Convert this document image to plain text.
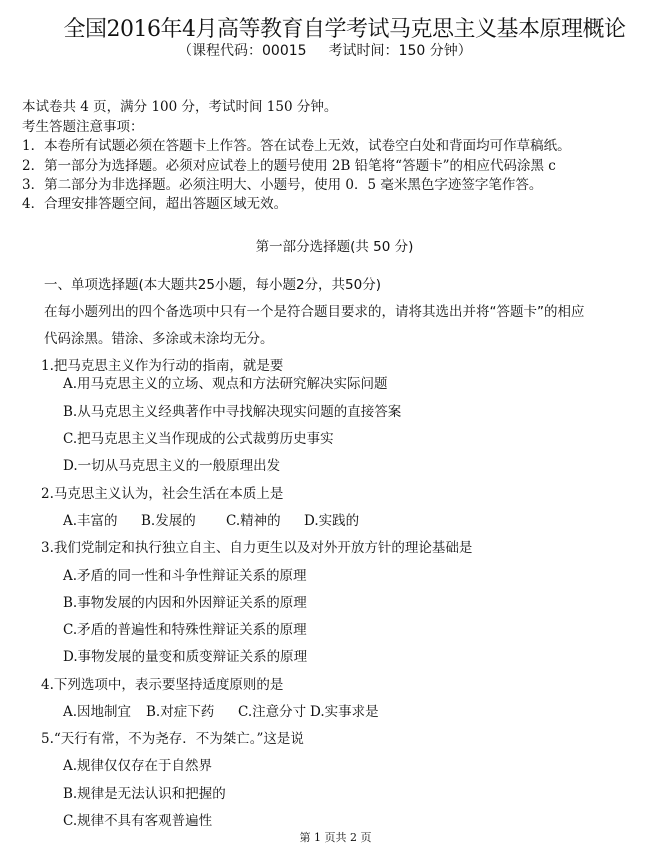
全国2016年4月高等教育自学考试马克思主义基本原理概论
（课程代码：00015 考试时间：150 分钟）
本试卷共 4 页，满分 100 分，考试时间 150 分钟。
考生答题注意事项：
1．本卷所有试题必须在答题卡上作答。答在试卷上无效，试卷空白处和背面均可作草稿纸。
2．第一部分为选择题。必须对应试卷上的题号使用 2B 铅笔将“答题卡”的相应代码涂黑 c
3．第二部分为非选择题。必须注明大、小题号，使用 0．5 毫米黑色字迹签字笔作答。
4．合理安排答题空间，超出答题区域无效。
第一部分选择题(共 50 分)
一、单项选择题(本大题共25小题，每小题2分，共50分)
在每小题列出的四个备选项中只有一个是符合题目要求的，请将其选出并将“答题卡”的相应
代码涂黑。错涂、多涂或未涂均无分。
1.把马克思主义作为行动的指南，就是要
A.用马克思主义的立场、观点和方法研究解决实际问题
B.从马克思主义经典著作中寻找解决现实问题的直接答案
C.把马克思主义当作现成的公式裁剪历史事实
D.一切从马克思主义的一般原理出发
2.马克思主义认为，社会生活在本质上是
A.丰富的 B.发展的 C.精神的 D.实践的
3.我们党制定和执行独立自主、自力更生以及对外开放方针的理论基础是
A.矛盾的同一性和斗争性辩证关系的原理
B.事物发展的内因和外因辩证关系的原理
C.矛盾的普遍性和特殊性辩证关系的原理
D.事物发展的量变和质变辩证关系的原理
4.下列选项中，表示要坚持适度原则的是
A.因地制宜 B.对症下药 C.注意分寸 D.实事求是
5.“天行有常，不为尧存．不为桀亡。”这是说
A.规律仅仅存在于自然界
B.规律是无法认识和把握的
C.规律不具有客观普遍性
第 1 页共 2 页
